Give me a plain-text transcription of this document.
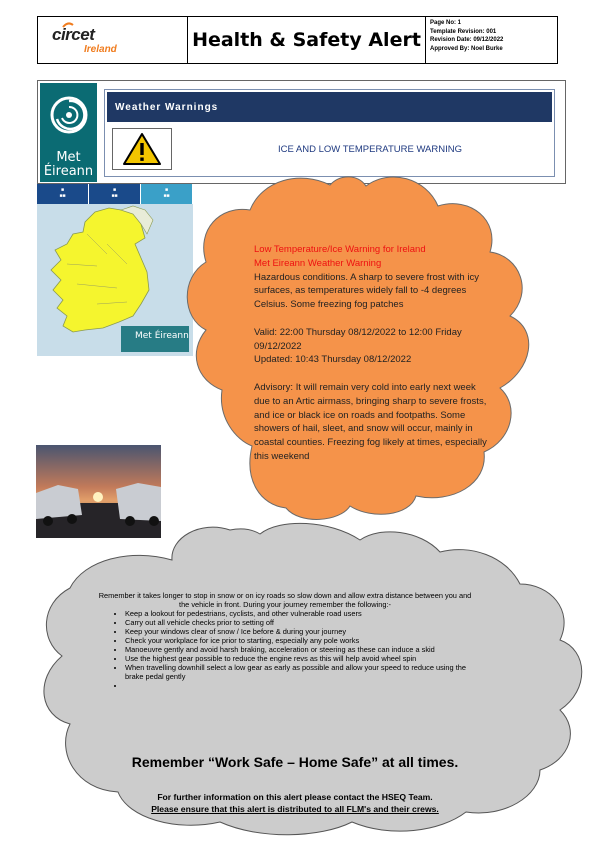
circet
Ireland	Health & Safety Alert
Page No: 1
Template Revision: 001
Revision Date: 09/12/2022
Approved By: Noel Burke
Met
Éireann
Weather Warnings
ICE AND LOW TEMPERATURE WARNING
■
■■
■
■■
■
■■
Met Éireann
Low Temperature/Ice Warning for Ireland
Met Eireann Weather Warning
Hazardous conditions. A sharp to severe frost with icy surfaces, as temperatures widely fall to -4 degrees Celsius. Some freezing fog patches
Valid: 22:00 Thursday 08/12/2022 to 12:00 Friday 09/12/2022
Updated: 10:43 Thursday 08/12/2022
Advisory: It will remain very cold into early next week due to an Artic airmass, bringing sharp to severe frosts, and ice or black ice on roads and footpaths. Some showers of hail, sleet, and snow will occur, mainly in coastal counties. Freezing fog likely at times, especially this weekend
Remember it takes longer to stop in snow or on icy roads so slow down and allow extra distance between you and the vehicle in front. During your journey remember the following:-
• Keep a lookout for pedestrians, cyclists, and other vulnerable road users
• Carry out all vehicle checks prior to setting off
• Keep your windows clear of snow / Ice before & during your journey
• Check your workplace for ice prior to starting, especially any pole works
• Manoeuvre gently and avoid harsh braking, acceleration or steering as these can induce a skid
• Use the highest gear possible to reduce the engine revs as this will help avoid wheel spin
• When travelling downhill select a low gear as early as possible and allow your speed to reduce using the brake pedal gently
•
Remember “Work Safe – Home Safe” at all times.
For further information on this alert please contact the HSEQ Team.
Please ensure that this alert is distributed to all FLM's and their crews.
